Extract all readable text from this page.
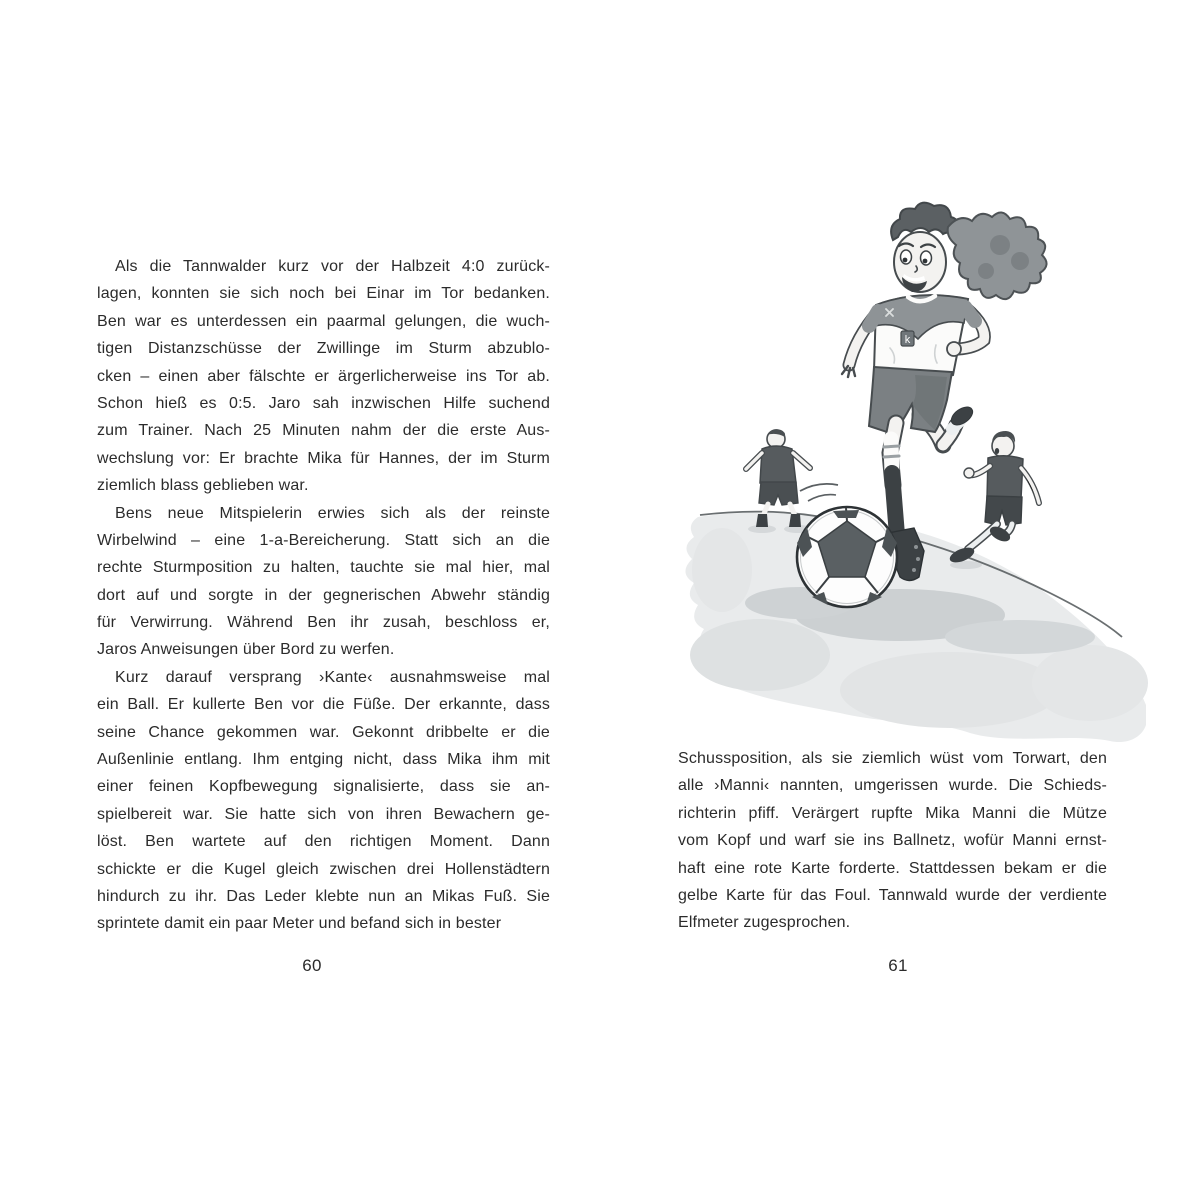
Als die Tannwalder kurz vor der Halbzeit 4:0 zurück-
lagen, konnten sie sich noch bei Einar im Tor bedanken.
Ben war es unterdessen ein paarmal gelungen, die wuch-
tigen Distanzschüsse der Zwillinge im Sturm abzublo-
cken – einen aber fälschte er ärgerlicherweise ins Tor ab.
Schon hieß es 0:5. Jaro sah inzwischen Hilfe suchend
zum Trainer. Nach 25 Minuten nahm der die erste Aus-
wechslung vor: Er brachte Mika für Hannes, der im Sturm
ziemlich blass geblieben war.
Bens neue Mitspielerin erwies sich als der reinste
Wirbelwind – eine 1-a-Bereicherung. Statt sich an die
rechte Sturmposition zu halten, tauchte sie mal hier, mal
dort auf und sorgte in der gegnerischen Abwehr ständig
für Verwirrung. Während Ben ihr zusah, beschloss er,
Jaros Anweisungen über Bord zu werfen.
Kurz darauf versprang ›Kante‹ ausnahmsweise mal
ein Ball. Er kullerte Ben vor die Füße. Der erkannte, dass
seine Chance gekommen war. Gekonnt dribbelte er die
Außenlinie entlang. Ihm entging nicht, dass Mika ihm mit
einer feinen Kopfbewegung signalisierte, dass sie an-
spielbereit war. Sie hatte sich von ihren Bewachern ge-
löst. Ben wartete auf den richtigen Moment. Dann
schickte er die Kugel gleich zwischen drei Hollenstädtern
hindurch zu ihr. Das Leder klebte nun an Mikas Fuß. Sie
sprintete damit ein paar Meter und befand sich in bester
Schussposition, als sie ziemlich wüst vom Torwart, den
alle ›Manni‹ nannten, umgerissen wurde. Die Schieds-
richterin pfiff. Verärgert rupfte Mika Manni die Mütze
vom Kopf und warf sie ins Ballnetz, wofür Manni ernst-
haft eine rote Karte forderte. Stattdessen bekam er die
gelbe Karte für das Foul. Tannwald wurde der verdiente
Elfmeter zugesprochen.
60	61
k
